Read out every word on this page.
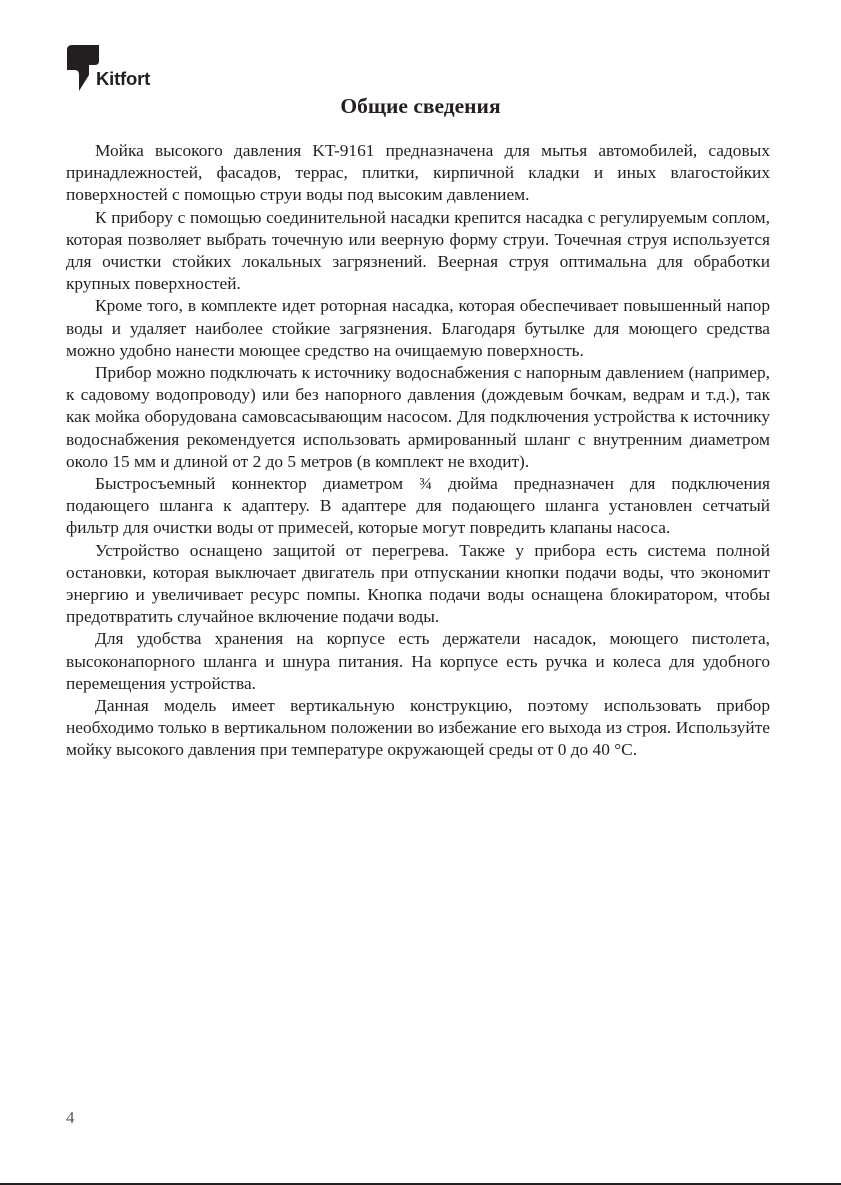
Kitfort
Общие сведения

Мойка высокого давления KT-9161 предназначена для мытья автомобилей, садовых принадлежностей, фасадов, террас, плитки, кирпичной кладки и иных влагостойких поверхностей с помощью струи воды под высоким давлением.

К прибору с помощью соединительной насадки крепится насадка с регулируемым соплом, которая позволяет выбрать точечную или веерную форму струи. Точечная струя используется для очистки стойких локальных загрязнений. Веерная струя оптимальна для обработки крупных поверхностей.

Кроме того, в комплекте идет роторная насадка, которая обеспечивает повышенный напор воды и удаляет наиболее стойкие загрязнения. Благодаря бутылке для моющего средства можно удобно нанести моющее средство на очищаемую поверхность.

Прибор можно подключать к источнику водоснабжения с напорным давлением (например, к садовому водопроводу) или без напорного давления (дождевым бочкам, ведрам и т.д.), так как мойка оборудована самовсасывающим насосом. Для подключения устройства к источнику водоснабжения рекомендуется использовать армированный шланг с внутренним диаметром около 15 мм и длиной от 2 до 5 метров (в комплект не входит).

Быстросъемный коннектор диаметром ¾ дюйма предназначен для подключения подающего шланга к адаптеру. В адаптере для подающего шланга установлен сетчатый фильтр для очистки воды от примесей, которые могут повредить клапаны насоса.

Устройство оснащено защитой от перегрева. Также у прибора есть система полной остановки, которая выключает двигатель при отпускании кнопки подачи воды, что экономит энергию и увеличивает ресурс помпы. Кнопка подачи воды оснащена блокиратором, чтобы предотвратить случайное включение подачи воды.

Для удобства хранения на корпусе есть держатели насадок, моющего пистолета, высоконапорного шланга и шнура питания. На корпусе есть ручка и колеса для удобного перемещения устройства.

Данная модель имеет вертикальную конструкцию, поэтому использовать прибор необходимо только в вертикальном положении во избежание его выхода из строя. Используйте мойку высокого давления при температуре окружающей среды от 0 до 40 °C.

4
